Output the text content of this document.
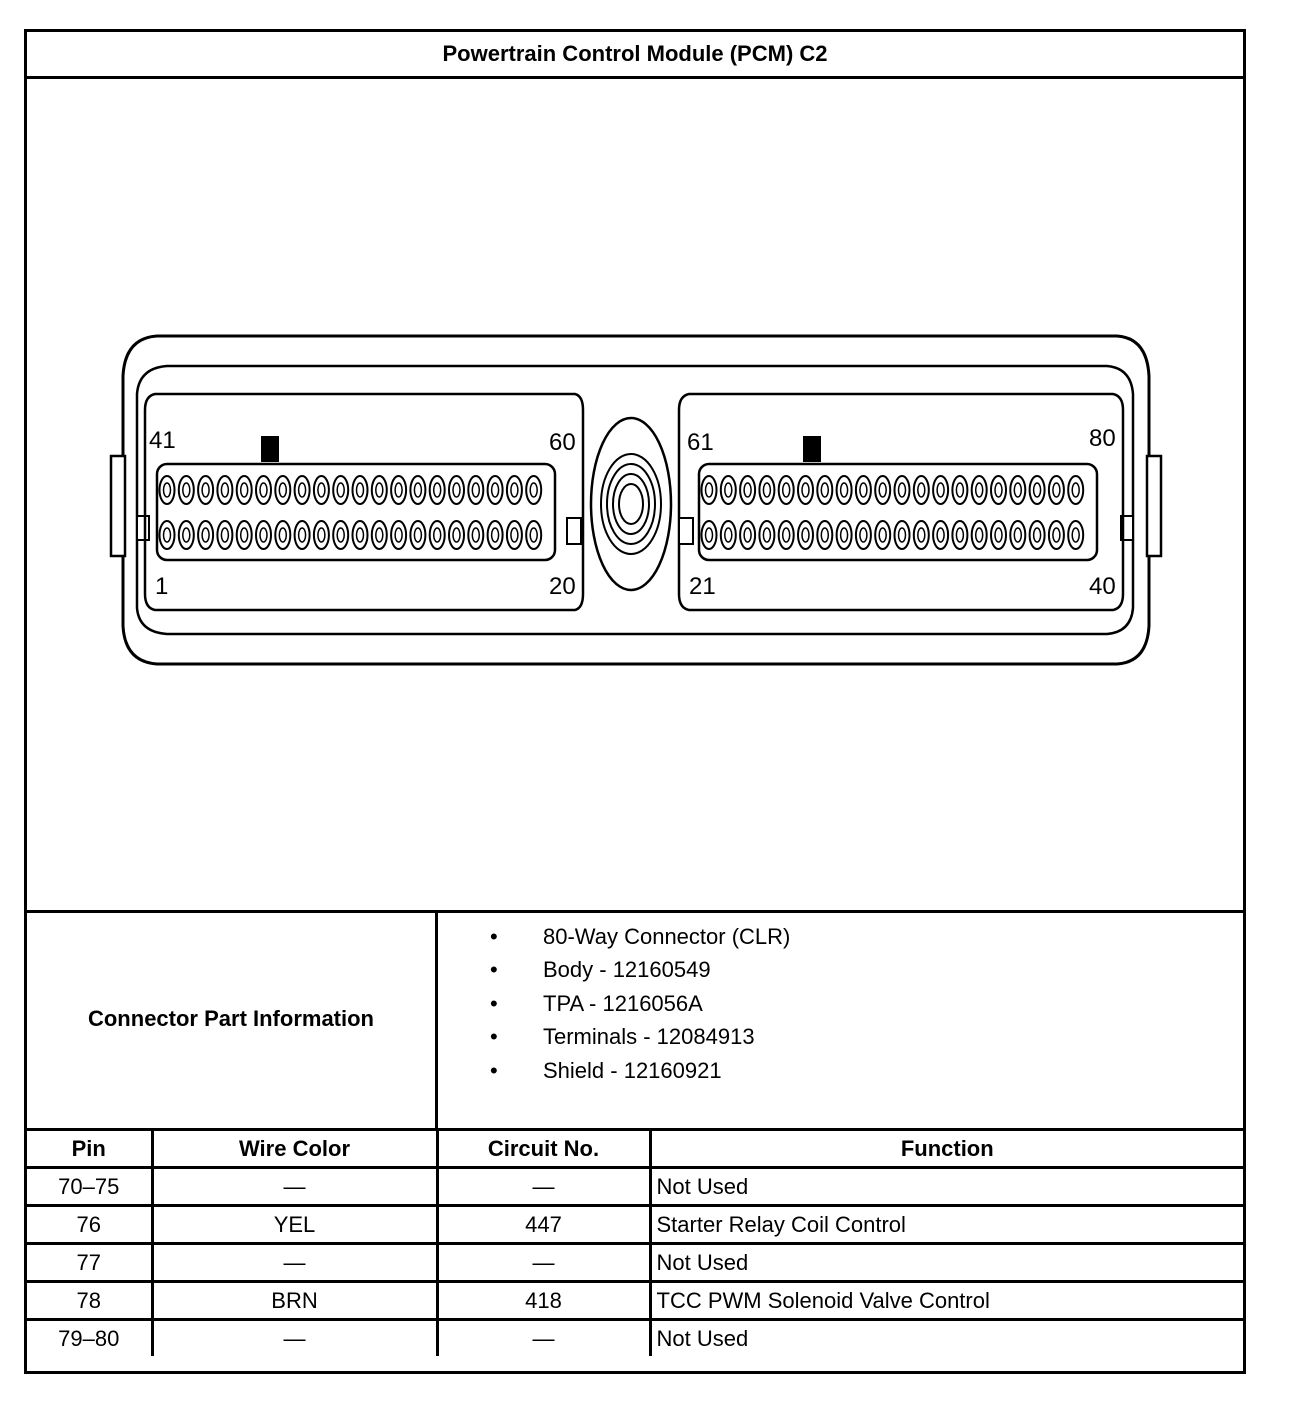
Powertrain Control Module (PCM) C2
41	60
1	20
61	80
21	40
Connector Part Information
• 80-Way Connector (CLR)
• Body - 12160549
• TPA - 1216056A
• Terminals - 12084913
• Shield - 12160921
Pin	Wire Color	Circuit No.	Function
70–75	—	—	Not Used
76	YEL	447	Starter Relay Coil Control
77	—	—	Not Used
78	BRN	418	TCC PWM Solenoid Valve Control
79–80	—	—	Not Used
